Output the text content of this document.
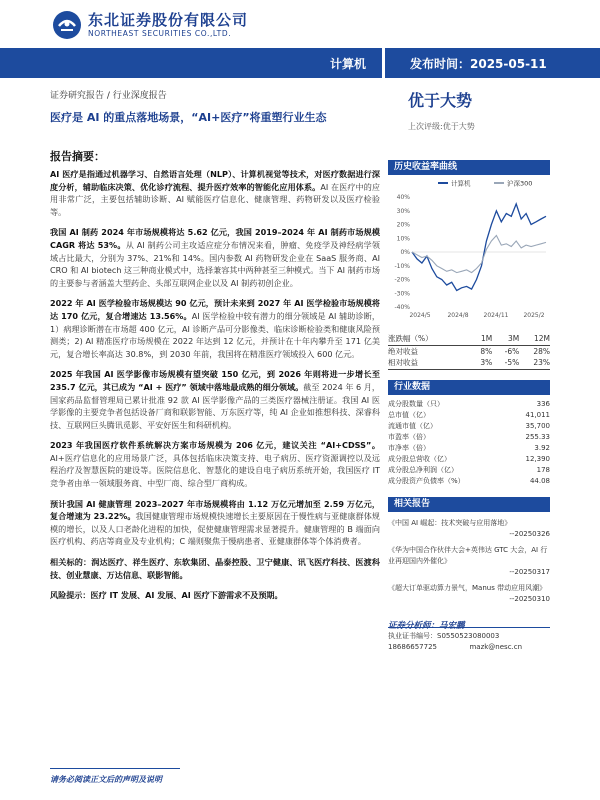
东北证券股份有限公司
NORTHEAST SECURITIES CO.,LTD.
计算机	发布时间：2025-05-11
证券研究报告 / 行业深度报告
医疗是 AI 的重点落地场景，“AI+医疗”将重塑行业生态
优于大势
上次评级:优于大势
报告摘要：
AI 医疗是指通过机器学习、自然语言处理（NLP）、计算机视觉等技术，对医疗数据进行深度分析，辅助临床决策、优化诊疗流程、提升医疗效率的智能化应用体系。AI 在医疗中的应用非常广泛，主要包括辅助诊断、AI 赋能医疗信息化、健康管理、药物研发以及医疗检验等。
我国 AI 制药 2024 年市场规模将达 5.62 亿元，我国 2019–2024 年 AI 制药市场规模 CAGR 将达 53%。从 AI 制药公司主攻适应症分布情况来看，肿瘤、免疫学及神经病学领域占比最大，分别为 37%、21%和 14%。国内参数 AI 药物研发企业在 SaaS 服务商、AI CRO 和 AI biotech 这三种商业模式中，选择兼容其中两种甚至三种模式。当下 AI 制药市场的主要参与者涵盖大型药企、头部互联网企业以及 AI 制药初创企业。
2022 年 AI 医学检验市场规模达 90 亿元，预计未来到 2027 年 AI 医学检验市场规模将达 170 亿元，复合增速达 13.56%。AI 医学检验中较有潜力的细分领域是 AI 辅助诊断，1）病理诊断潜在市场超 400 亿元，AI 诊断产品可分影像类、临床诊断检验类和健康风险预测类；2) AI 精准医疗市场规模在 2022 年达到 12 亿元，并预计在十年内攀升至 171 亿美元，复合增长率高达 30.8%，到 2030 年前，我国将在精准医疗领域投入 600 亿元。
2025 年我国 AI 医学影像市场规模有望突破 150 亿元，到 2026 年则将进一步增长至 235.7 亿元，其已成为 “AI + 医疗” 领域中落地最成熟的细分领域。截至 2024 年 6 月，国家药品监督管理局已累计批准 92 款 AI 医学影像产品的三类医疗器械注册证。我国 AI 医学影像的主要竞争者包括设备厂商和联影智能、万东医疗等，纯 AI 企业如推想科技、深睿科技、互联网巨头腾讯觅影、平安好医生和科研机构。
2023 年我国医疗软件系统解决方案市场规模为 206 亿元，建议关注 “AI+CDSS”。AI+医疗信息化的应用场景广泛，具体包括临床决策支持、电子病历、医疗资源调控以及远程治疗及智慧医院的建设等。医院信息化、智慧化的建设自电子病历系统开始，我国医疗 IT 竞争者由单一领域服务商、中型厂商、综合型厂商构成。
预计我国 AI 健康管理 2023–2027 年市场规模将由 1.12 万亿元增加至 2.59 万亿元，复合增速为 23.22%。我国健康管理市场规模快速增长主要原因在于慢性病与亚健康群体规模的增长，以及人口老龄化进程的加快，促使健康管理需求显著提升。健康管理的 B 端面向医疗机构、药店等商业及专业机构；C 端则聚焦于慢病患者、亚健康群体等个体消费者。
相关标的：润达医疗、祥生医疗、东软集团、晶泰控股、卫宁健康、讯飞医疗科技、医渡科技、创业慧康、万达信息、联影智能。
风险提示：医疗 IT 发展、AI 发展、AI 医疗下游需求不及预期。
历史收益率曲线
-40%
-30%
-20%
-10%
0%
10%
20%
30%
40%
2024/5	2024/8 2024/11 2025/2
计算机	沪深300
涨跌幅（%）	1M	3M	12M
绝对收益	8%	-6%	28%
相对收益	3%	-5%	23%
行业数据
成分股数量（只）	336
总市值（亿）	41,011
流通市值（亿）	35,700
市盈率（倍）	255.33
市净率（倍）	3.92
成分股总营收（亿）	12,390
成分股总净利润（亿）	178
成分股资产负债率（%）	44.08
相关报告
《中国 AI 崛起：技术突破与应用落地》
--20250326
《华为中国合作伙伴大会+英伟达 GTC 大会，AI 行业再迎国内外催化》
--20250317
《超大订单驱动算力景气，Manus 带动应用风潮》
--20250310
证券分析师：马宏鹏
执业证书编号：S0550523080003
18686657725	mazk@nesc.cn
请务必阅读正文后的声明及说明
